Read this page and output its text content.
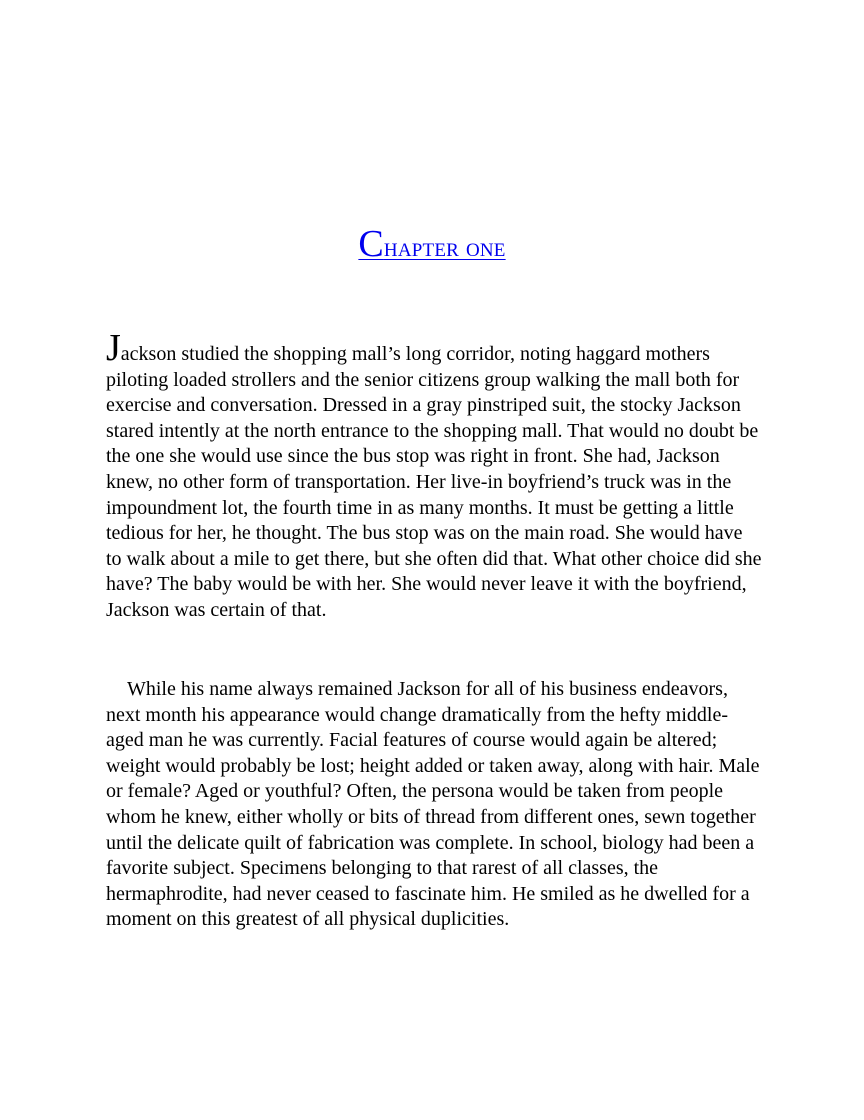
Chapter one

Jackson studied the shopping mall’s long corridor, noting haggard mothers piloting loaded strollers and the senior citizens group walking the mall both for exercise and conversation. Dressed in a gray pinstriped suit, the stocky Jackson stared intently at the north entrance to the shopping mall. That would no doubt be the one she would use since the bus stop was right in front. She had, Jackson knew, no other form of transportation. Her live-in boyfriend’s truck was in the impoundment lot, the fourth time in as many months. It must be getting a little tedious for her, he thought. The bus stop was on the main road. She would have to walk about a mile to get there, but she often did that. What other choice did she have? The baby would be with her. She would never leave it with the boyfriend, Jackson was certain of that.

While his name always remained Jackson for all of his business endeavors, next month his appearance would change dramatically from the hefty middle-aged man he was currently. Facial features of course would again be altered; weight would probably be lost; height added or taken away, along with hair. Male or female? Aged or youthful? Often, the persona would be taken from people whom he knew, either wholly or bits of thread from different ones, sewn together until the delicate quilt of fabrication was complete. In school, biology had been a favorite subject. Specimens belonging to that rarest of all classes, the hermaphrodite, had never ceased to fascinate him. He smiled as he dwelled for a moment on this greatest of all physical duplicities.
